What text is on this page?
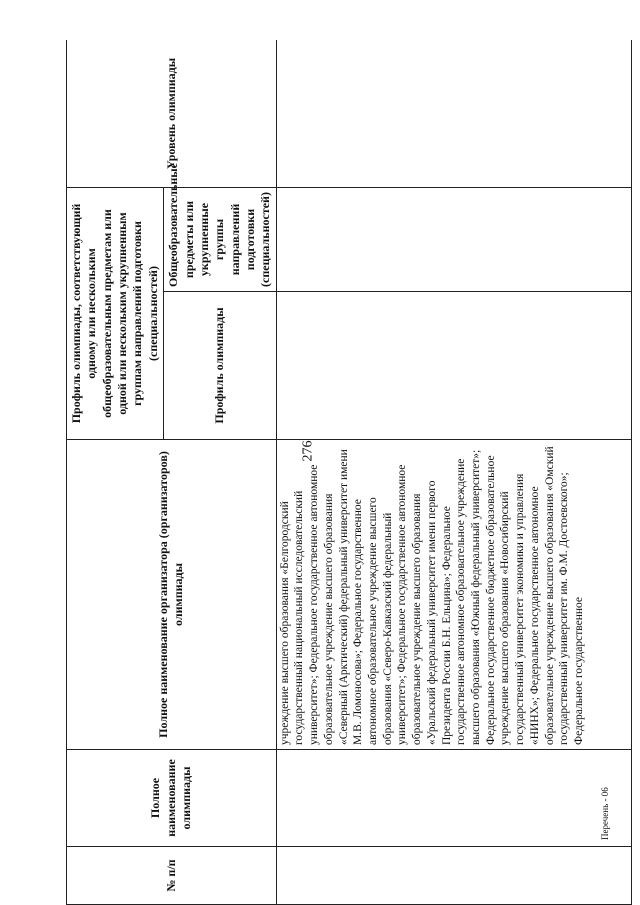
276
№ п/п	Полное наименование олимпиады	Полное наименование организатора (организаторов) олимпиады	Профиль олимпиады, соответствующий одному или нескольким общеобразовательным предметам или одной или нескольким укрупненным группам направлений подготовки (специальностей)		Уровень олимпиады
			Профиль олимпиады	Общеобразовательные предметы или укрупненные группы направлений подготовки (специальностей)	
		учреждение высшего образования «Белгородский государственный национальный исследовательский университет»; Федеральное государственное автономное образовательное учреждение высшего образования «Северный (Арктический) федеральный университет имени М.В. Ломоносова»; Федеральное государственное автономное образовательное учреждение высшего образования «Северо-Кавказский федеральный университет»; Федеральное государственное автономное образовательное учреждение высшего образования «Уральский федеральный университет имени первого Президента России Б.Н. Ельцина»; Федеральное государственное автономное образовательное учреждение высшего образования «Южный федеральный университет»; Федеральное государственное бюджетное образовательное учреждение высшего образования «Новосибирский государственный университет экономики и управления «НИНХ»; Федеральное государственное автономное образовательное учреждение высшего образования «Омский государственный университет им. Ф.М. Достоевского»; Федеральное государственное			
Перечень - 06
